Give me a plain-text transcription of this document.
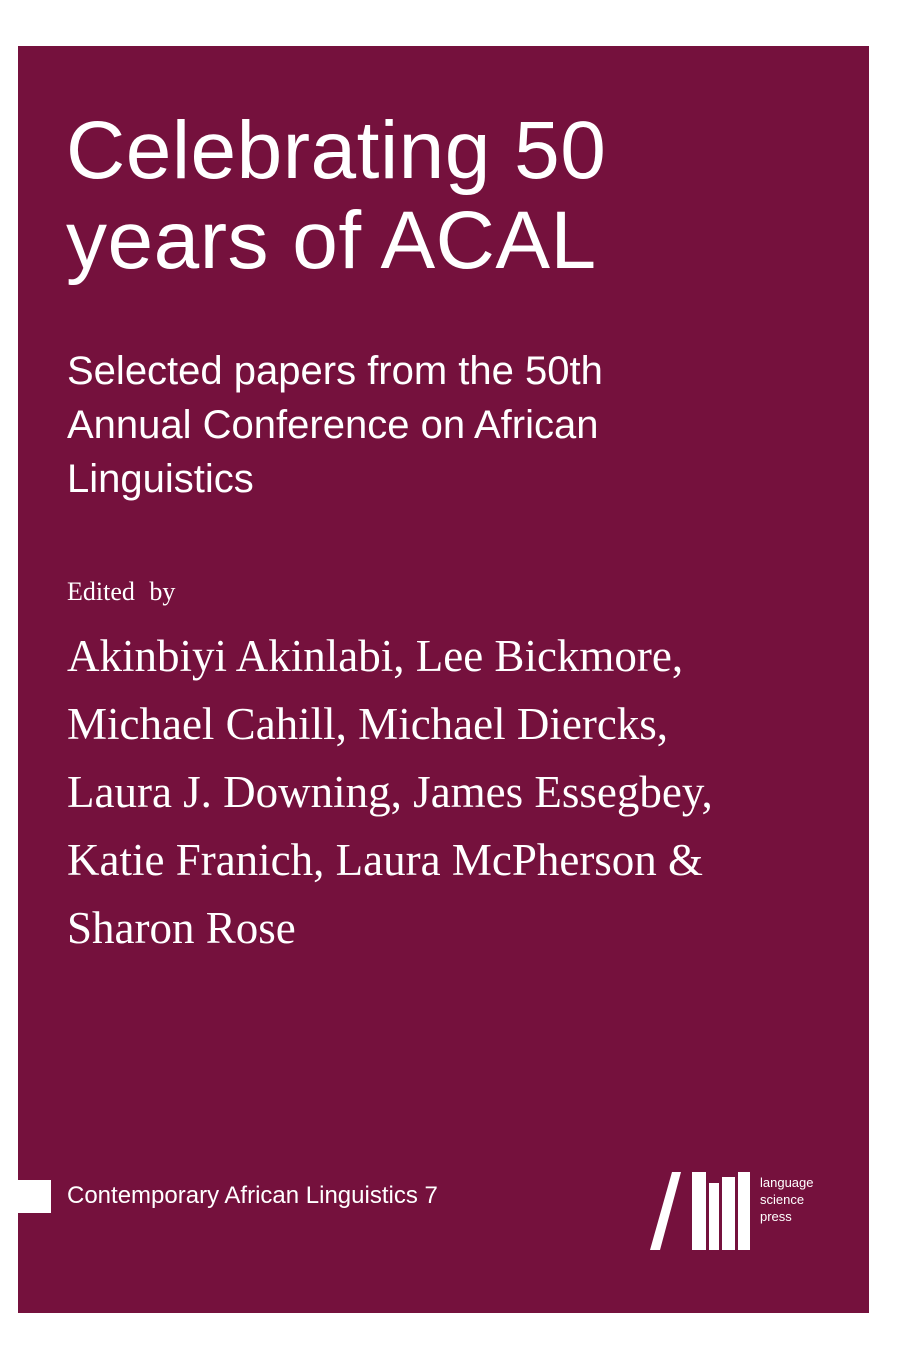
Celebrating 50
years of ACAL
Selected papers from the 50th
Annual Conference on African
Linguistics
Edited by
Akinbiyi Akinlabi, Lee Bickmore,
Michael Cahill, Michael Diercks,
Laura J. Downing, James Essegbey,
Katie Franich, Laura McPherson &
Sharon Rose
Contemporary African Linguistics 7	language
science
press
